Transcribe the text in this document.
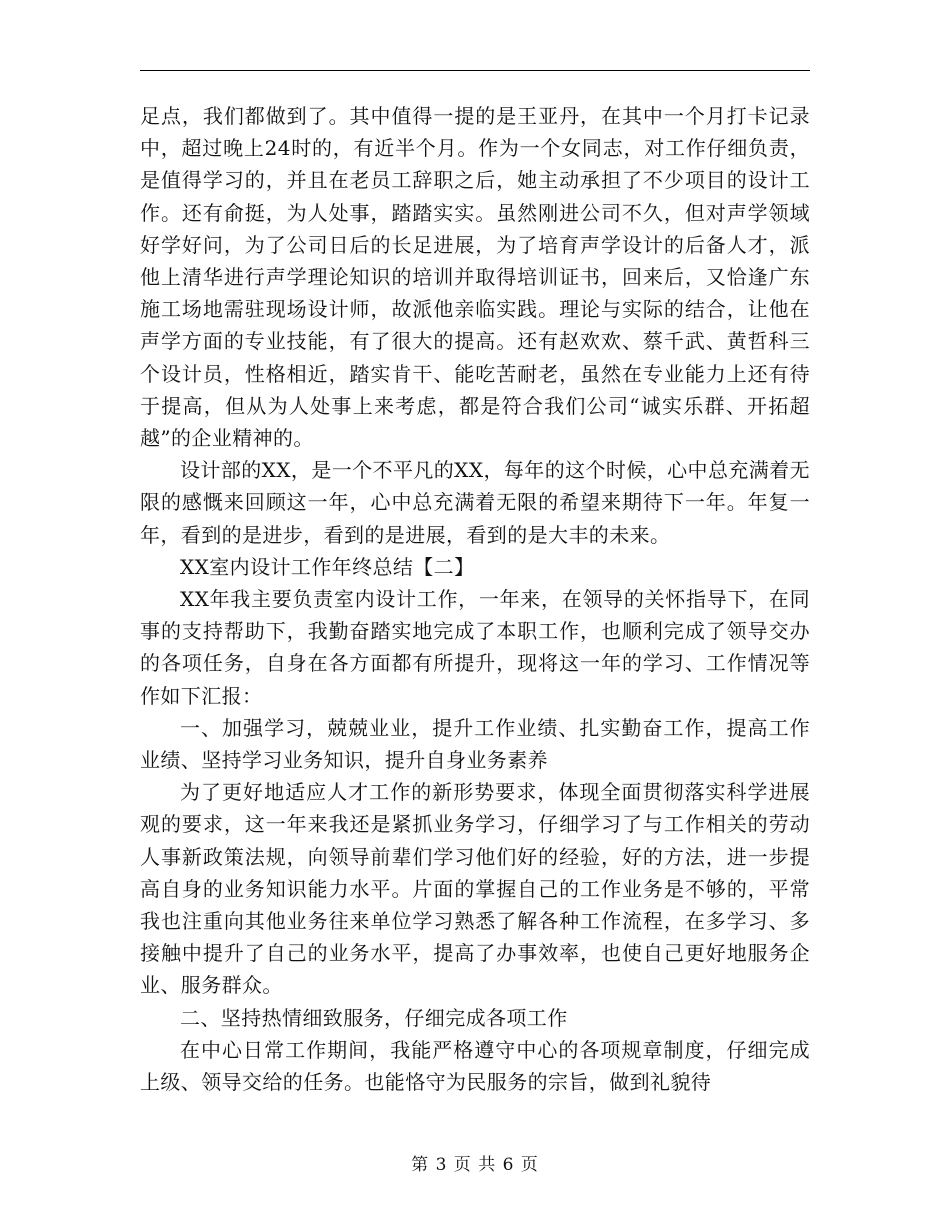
足点，我们都做到了。其中值得一提的是王亚丹，在其中一个月打卡记录中，超过晚上24时的，有近半个月。作为一个女同志，对工作仔细负责，是值得学习的，并且在老员工辞职之后，她主动承担了不少项目的设计工作。还有俞挺，为人处事，踏踏实实。虽然刚进公司不久，但对声学领域好学好问，为了公司日后的长足进展，为了培育声学设计的后备人才，派他上清华进行声学理论知识的培训并取得培训证书，回来后，又恰逢广东施工场地需驻现场设计师，故派他亲临实践。理论与实际的结合，让他在声学方面的专业技能，有了很大的提高。还有赵欢欢、蔡千武、黄哲科三个设计员，性格相近，踏实肯干、能吃苦耐老，虽然在专业能力上还有待于提高，但从为人处事上来考虑，都是符合我们公司“诚实乐群、开拓超越”的企业精神的。

设计部的XX，是一个不平凡的XX，每年的这个时候，心中总充满着无限的感慨来回顾这一年，心中总充满着无限的希望来期待下一年。年复一年，看到的是进步，看到的是进展，看到的是大丰的未来。

XX室内设计工作年终总结【二】

XX年我主要负责室内设计工作，一年来，在领导的关怀指导下，在同事的支持帮助下，我勤奋踏实地完成了本职工作，也顺利完成了领导交办的各项任务，自身在各方面都有所提升，现将这一年的学习、工作情况等作如下汇报：

一、加强学习，兢兢业业，提升工作业绩、扎实勤奋工作，提高工作业绩、坚持学习业务知识，提升自身业务素养

为了更好地适应人才工作的新形势要求，体现全面贯彻落实科学进展观的要求，这一年来我还是紧抓业务学习，仔细学习了与工作相关的劳动人事新政策法规，向领导前辈们学习他们好的经验，好的方法，进一步提高自身的业务知识能力水平。片面的掌握自己的工作业务是不够的，平常我也注重向其他业务往来单位学习熟悉了解各种工作流程，在多学习、多接触中提升了自己的业务水平，提高了办事效率，也使自己更好地服务企业、服务群众。

二、坚持热情细致服务，仔细完成各项工作

在中心日常工作期间，我能严格遵守中心的各项规章制度，仔细完成上级、领导交给的任务。也能恪守为民服务的宗旨，做到礼貌待

第 3 页 共 6 页
